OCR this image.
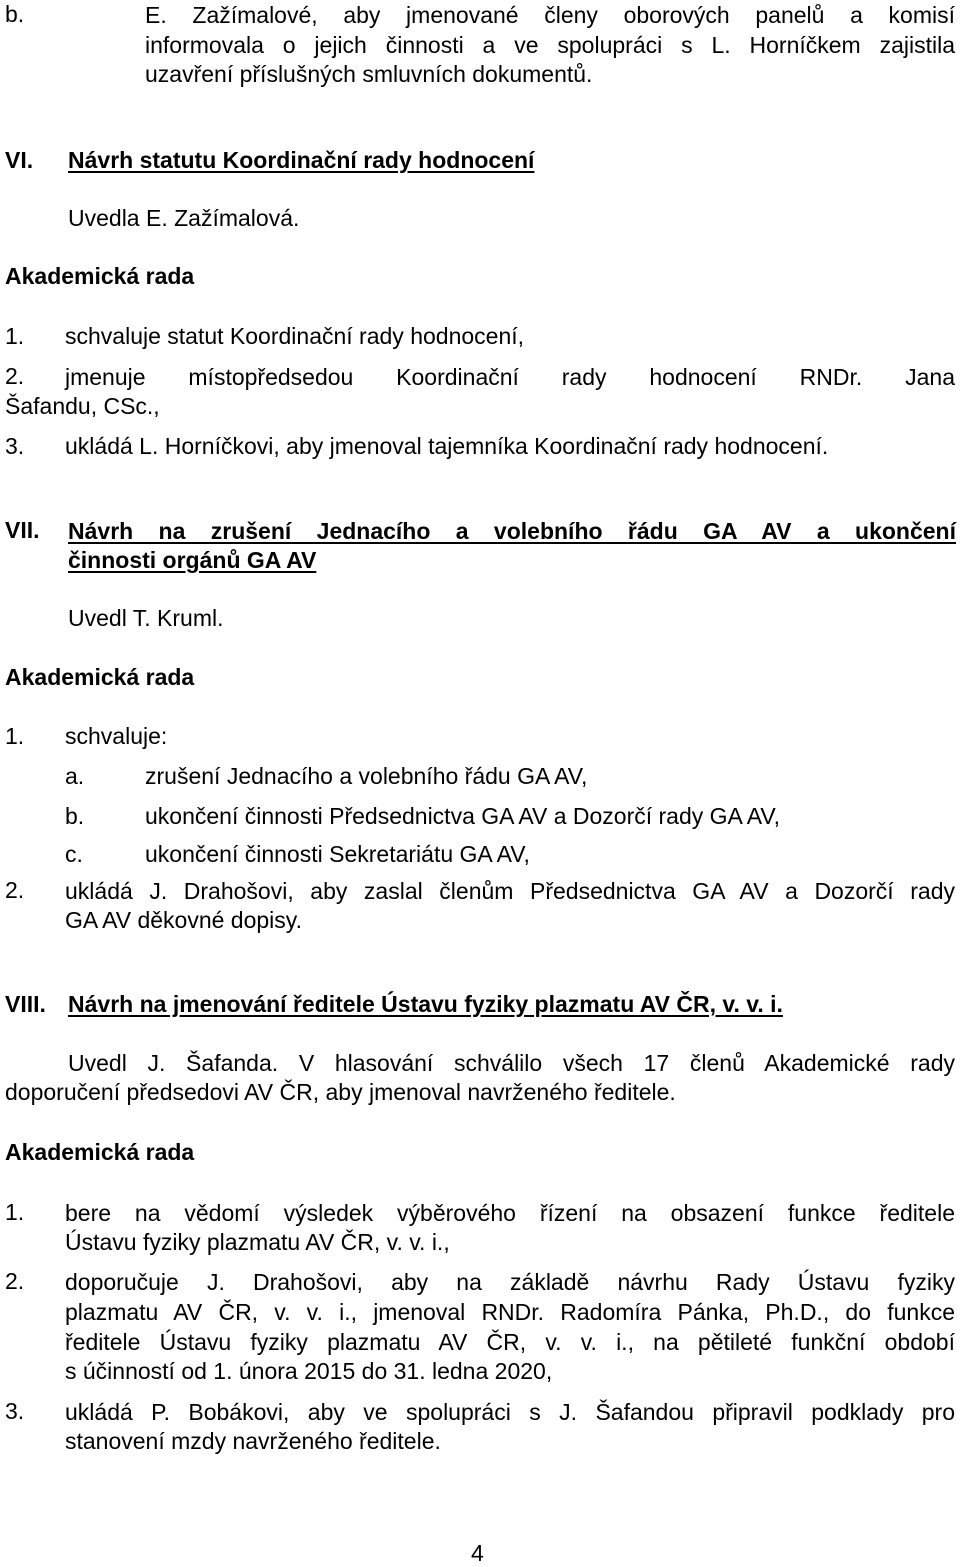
b.	E. Zažímalové, aby jmenované členy oborových panelů a komisí
informovala o jejich činnosti a ve spolupráci s L. Horníčkem zajistila
uzavření příslušných smluvních dokumentů.
VI. Návrh statutu Koordinační rady hodnocení
Uvedla E. Zažímalová.
Akademická rada
1. schvaluje statut Koordinační rady hodnocení,
2. jmenuje místopředsedou Koordinační rady hodnocení RNDr. Jana
Šafandu, CSc.,
3. ukládá L. Horníčkovi, aby jmenoval tajemníka Koordinační rady hodnocení.
VII. Návrh na zrušení Jednacího a volebního řádu GA AV a ukončení
činnosti orgánů GA AV
Uvedl T. Kruml.
Akademická rada
1. schvaluje:
a.	zrušení Jednacího a volebního řádu GA AV,
b.	ukončení činnosti Předsednictva GA AV a Dozorčí rady GA AV,
c.	ukončení činnosti Sekretariátu GA AV,
2. ukládá J. Drahošovi, aby zaslal členům Předsednictva GA AV a Dozorčí rady
GA AV děkovné dopisy.
VIII. Návrh na jmenování ředitele Ústavu fyziky plazmatu AV ČR, v. v. i.
Uvedl J. Šafanda. V hlasování schválilo všech 17 členů Akademické rady
doporučení předsedovi AV ČR, aby jmenoval navrženého ředitele.
Akademická rada
1. bere na vědomí výsledek výběrového řízení na obsazení funkce ředitele
Ústavu fyziky plazmatu AV ČR, v. v. i.,
2. doporučuje J. Drahošovi, aby na základě návrhu Rady Ústavu fyziky
plazmatu AV ČR, v. v. i., jmenoval RNDr. Radomíra Pánka, Ph.D., do funkce
ředitele Ústavu fyziky plazmatu AV ČR, v. v. i., na pětileté funkční období
s účinností od 1. února 2015 do 31. ledna 2020,
3. ukládá P. Bobákovi, aby ve spolupráci s J. Šafandou připravil podklady pro
stanovení mzdy navrženého ředitele.
4
